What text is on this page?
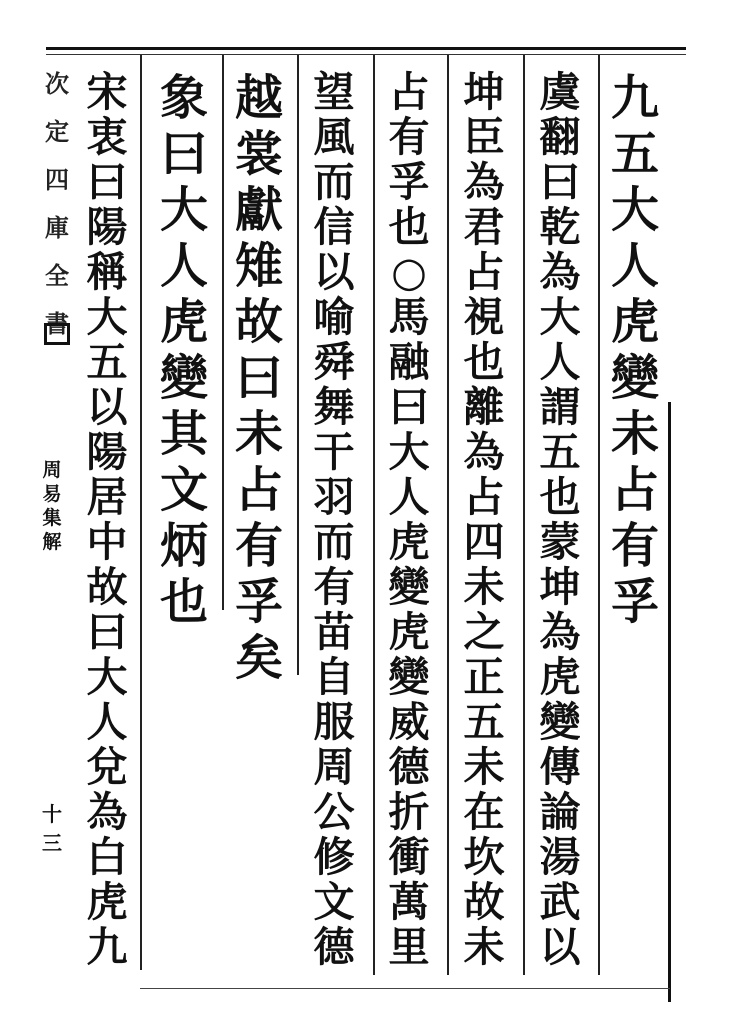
次
定
四
庫
全
書
周
易
集
解
十三
九
五
大
人
虎
變
未
占
有
孚
虞
翻
曰
乾
為
大
人
謂
五
也
蒙
坤
為
虎
變
傳
論
湯
武
以
坤
臣
為
君
占
視
也
離
為
占
四
未
之
正
五
未
在
坎
故
未
占
有
孚
也
○
馬
融
曰
大
人
虎
變
虎
變
威
德
折
衝
萬
里
望
風
而
信
以
喻
舜
舞
干
羽
而
有
苗
自
服
周
公
修
文
德
越
裳
獻
雉
故
曰
未
占
有
孚
矣
象
曰
大
人
虎
變
其
文
炳
也
宋
衷
曰
陽
稱
大
五
以
陽
居
中
故
曰
大
人
兌
為
白
虎
九
